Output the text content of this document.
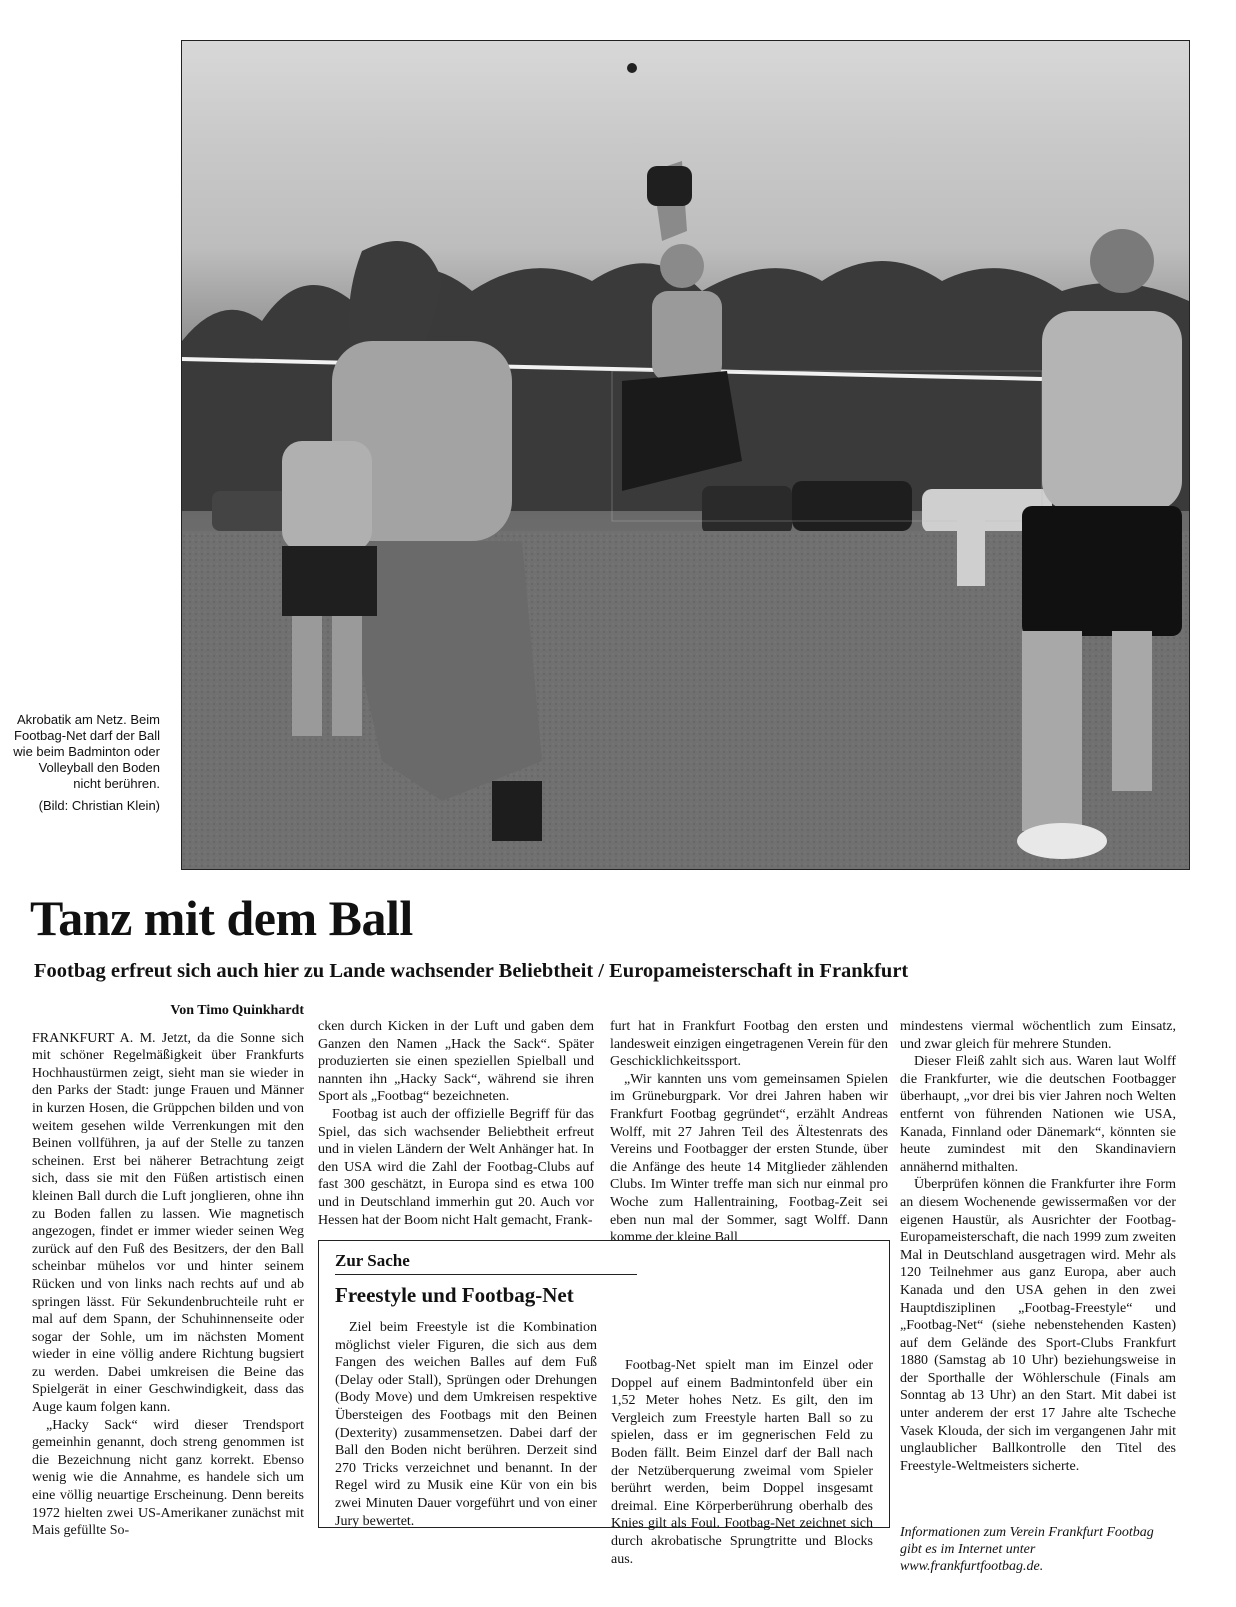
Akrobatik am Netz. Beim Footbag-Net darf der Ball wie beim Badminton oder Volleyball den Boden nicht berühren.
(Bild: Christian Klein)
Tanz mit dem Ball
Footbag erfreut sich auch hier zu Lande wachsender Beliebtheit / Europameisterschaft in Frankfurt

Von Timo Quinkhardt

FRANKFURT A. M. Jetzt, da die Sonne sich mit schöner Regelmäßigkeit über Frankfurts Hochhaustürmen zeigt, sieht man sie wieder in den Parks der Stadt: junge Frauen und Männer in kurzen Hosen, die Grüppchen bilden und von weitem gesehen wilde Verrenkungen mit den Beinen vollführen, ja auf der Stelle zu tanzen scheinen. Erst bei näherer Betrachtung zeigt sich, dass sie mit den Füßen artistisch einen kleinen Ball durch die Luft jonglieren, ohne ihn zu Boden fallen zu lassen. Wie magnetisch angezogen, findet er immer wieder seinen Weg zurück auf den Fuß des Besitzers, der den Ball scheinbar mühelos vor und hinter seinem Rücken und von links nach rechts auf und ab springen lässt. Für Sekundenbruchteile ruht er mal auf dem Spann, der Schuhinnenseite oder sogar der Sohle, um im nächsten Moment wieder in eine völlig andere Richtung bugsiert zu werden. Dabei umkreisen die Beine das Spielgerät in einer Geschwindigkeit, dass das Auge kaum folgen kann.

„Hacky Sack“ wird dieser Trendsport gemeinhin genannt, doch streng genommen ist die Bezeichnung nicht ganz korrekt. Ebenso wenig wie die Annahme, es handele sich um eine völlig neuartige Erscheinung. Denn bereits 1972 hielten zwei US-Amerikaner zunächst mit Mais gefüllte So-

cken durch Kicken in der Luft und gaben dem Ganzen den Namen „Hack the Sack“. Später produzierten sie einen speziellen Spielball und nannten ihn „Hacky Sack“, während sie ihren Sport als „Footbag“ bezeichneten.

Footbag ist auch der offizielle Begriff für das Spiel, das sich wachsender Beliebtheit erfreut und in vielen Ländern der Welt Anhänger hat. In den USA wird die Zahl der Footbag-Clubs auf fast 300 geschätzt, in Europa sind es etwa 100 und in Deutschland immerhin gut 20. Auch vor Hessen hat der Boom nicht Halt gemacht, Frank-

furt hat in Frankfurt Footbag den ersten und landesweit einzigen eingetragenen Verein für den Geschicklichkeitssport.

„Wir kannten uns vom gemeinsamen Spielen im Grüneburgpark. Vor drei Jahren haben wir Frankfurt Footbag gegründet“, erzählt Andreas Wolff, mit 27 Jahren Teil des Ältestenrats des Vereins und Footbagger der ersten Stunde, über die Anfänge des heute 14 Mitglieder zählenden Clubs. Im Winter treffe man sich nur einmal pro Woche zum Hallentraining, Footbag-Zeit sei eben nun mal der Sommer, sagt Wolff. Dann komme der kleine Ball

mindestens viermal wöchentlich zum Einsatz, und zwar gleich für mehrere Stunden.

Dieser Fleiß zahlt sich aus. Waren laut Wolff die Frankfurter, wie die deutschen Footbagger überhaupt, „vor drei bis vier Jahren noch Welten entfernt von führenden Nationen wie USA, Kanada, Finnland oder Dänemark“, könnten sie heute zumindest mit den Skandinaviern annähernd mithalten.

Überprüfen können die Frankfurter ihre Form an diesem Wochenende gewissermaßen vor der eigenen Haustür, als Ausrichter der Footbag-Europameisterschaft, die nach 1999 zum zweiten Mal in Deutschland ausgetragen wird. Mehr als 120 Teilnehmer aus ganz Europa, aber auch Kanada und den USA gehen in den zwei Hauptdisziplinen „Footbag-Freestyle“ und „Footbag-Net“ (siehe nebenstehenden Kasten) auf dem Gelände des Sport-Clubs Frankfurt 1880 (Samstag ab 10 Uhr) beziehungsweise in der Sporthalle der Wöhlerschule (Finals am Sonntag ab 13 Uhr) an den Start. Mit dabei ist unter anderem der erst 17 Jahre alte Tscheche Vasek Klouda, der sich im vergangenen Jahr mit unglaublicher Ballkontrolle den Titel des Freestyle-Weltmeisters sicherte.

Zur Sache
Freestyle und Footbag-Net

Ziel beim Freestyle ist die Kombination möglichst vieler Figuren, die sich aus dem Fangen des weichen Balles auf dem Fuß (Delay oder Stall), Sprüngen oder Drehungen (Body Move) und dem Umkreisen respektive Übersteigen des Footbags mit den Beinen (Dexterity) zusammensetzen. Dabei darf der Ball den Boden nicht berühren. Derzeit sind 270 Tricks verzeichnet und benannt. In der Regel wird zu Musik eine Kür von ein bis zwei Minuten Dauer vorgeführt und von einer Jury bewertet.

Footbag-Net spielt man im Einzel oder Doppel auf einem Badmintonfeld über ein 1,52 Meter hohes Netz. Es gilt, den im Vergleich zum Freestyle harten Ball so zu spielen, dass er im gegnerischen Feld zu Boden fällt. Beim Einzel darf der Ball nach der Netzüberquerung zweimal vom Spieler berührt werden, beim Doppel insgesamt dreimal. Eine Körperberührung oberhalb des Knies gilt als Foul. Footbag-Net zeichnet sich durch akrobatische Sprungtritte und Blocks aus.

Informationen zum Verein Frankfurt Footbag gibt es im Internet unter www.frankfurtfootbag.de.
